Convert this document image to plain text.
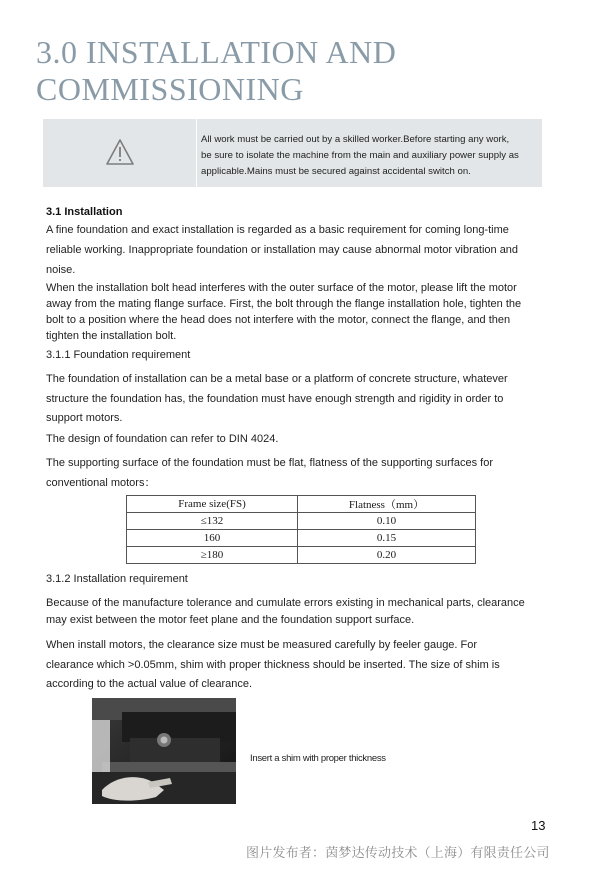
3.0 INSTALLATION AND
COMMISSIONING
All work must be carried out by a skilled worker.Before starting any work,
be sure to isolate the machine from the main and auxiliary power supply as
applicable.Mains must be secured against accidental switch on.
3.1 Installation
A fine foundation and exact installation is regarded as a basic requirement for coming long-time
reliable working. Inappropriate foundation or installation may cause abnormal motor vibration and
noise.
When the installation bolt head interferes with the outer surface of the motor, please lift the motor
away from the mating flange surface. First, the bolt through the flange installation hole, tighten the
bolt to a position where the head does not interfere with the motor, connect the flange, and then
tighten the installation bolt.
3.1.1 Foundation requirement
The foundation of installation can be a metal base or a platform of concrete structure, whatever
structure the foundation has, the foundation must have enough strength and rigidity in order to
support motors.
The design of foundation can refer to DIN 4024.
The supporting surface of the foundation must be flat, flatness of the supporting surfaces for
conventional motors：
Frame size(FS)	Flatness（mm）
≤132	0.10
160	0.15
≥180	0.20
3.1.2 Installation requirement
Because of the manufacture tolerance and cumulate errors existing in mechanical parts, clearance
may exist between the motor feet plane and the foundation support surface.
When install motors, the clearance size must be measured carefully by feeler gauge. For
clearance which >0.05mm, shim with proper thickness should be inserted. The size of shim is
according to the actual value of clearance.
Insert a shim with proper thickness
13
图片发布者：茵梦达传动技术（上海）有限责任公司
